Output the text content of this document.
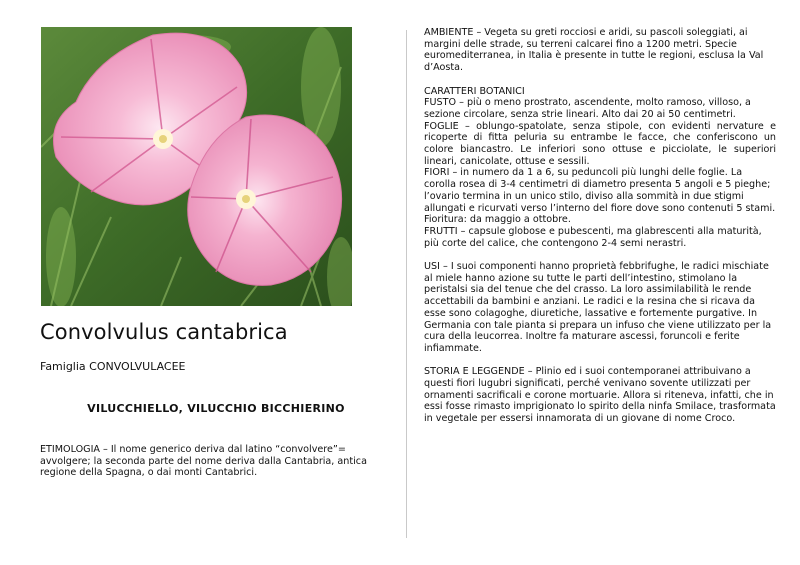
Convolvulus cantabrica
Famiglia CONVOLVULACEE
VILUCCHIELLO, VILUCCHIO BICCHIERINO
ETIMOLOGIA – Il nome generico deriva dal latino “convolvere”= avvolgere; la seconda parte del nome deriva dalla Cantabria, antica regione della Spagna, o dai monti Cantabrici.

AMBIENTE – Vegeta su greti rocciosi e aridi, su pascoli soleggiati, ai margini delle strade, su terreni calcarei fino a 1200 metri. Specie euromediterranea, in Italia è presente in tutte le regioni, esclusa la Val d’Aosta.

CARATTERI BOTANICI

FUSTO – più o meno prostrato, ascendente, molto ramoso, villoso, a sezione circolare, senza strie lineari. Alto dai 20 ai 50 centimetri.

FOGLIE – oblungo-spatolate, senza stipole, con evidenti nervature e ricoperte di fitta peluria su entrambe le facce, che conferiscono un colore biancastro. Le inferiori sono ottuse e picciolate, le superiori lineari, canicolate, ottuse e sessili.

FIORI – in numero da 1 a 6, su peduncoli più lunghi delle foglie. La corolla rosea di 3-4 centimetri di diametro presenta 5 angoli e 5 pieghe; l’ovario termina in un unico stilo, diviso alla sommità in due stigmi allungati e ricurvati verso l’interno del fiore dove sono contenuti 5 stami. Fioritura: da maggio a ottobre.

FRUTTI – capsule globose e pubescenti, ma glabrescenti alla maturità, più corte del calice, che contengono 2-4 semi nerastri.

USI – I suoi componenti hanno proprietà febbrifughe, le radici mischiate al miele hanno azione su tutte le parti dell’intestino, stimolano la peristalsi sia del tenue che del crasso. La loro assimilabilità le rende accettabili da bambini e anziani. Le radici e la resina che si ricava da esse sono colagoghe, diuretiche, lassative e fortemente purgative. In Germania con tale pianta si prepara un infuso che viene utilizzato per la cura della leucorrea. Inoltre fa maturare ascessi, foruncoli e ferite infiammate.

STORIA E LEGGENDE – Plinio ed i suoi contemporanei attribuivano a questi fiori lugubri significati, perché venivano sovente utilizzati per ornamenti sacrificali e corone mortuarie. Allora si riteneva, infatti, che in essi fosse rimasto imprigionato lo spirito della ninfa Smilace, trasformata in vegetale per essersi innamorata di un giovane di nome Croco.
